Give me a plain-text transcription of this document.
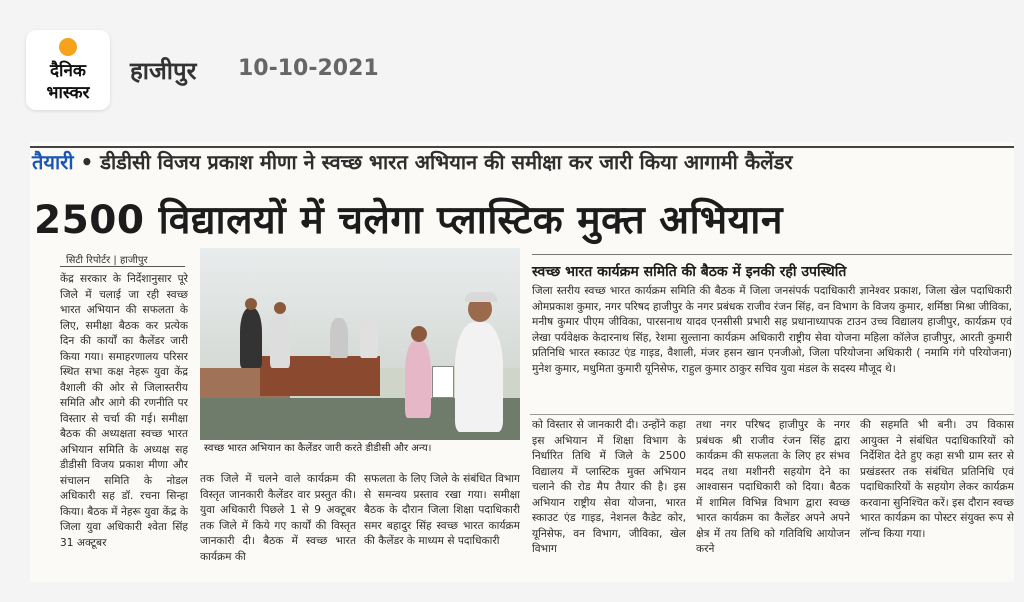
दैनिक
भास्कर
हाजीपुर 10-10-2021
तैयारी • डीडीसी विजय प्रकाश मीणा ने स्वच्छ भारत अभियान की समीक्षा कर जारी किया आगामी कैलेंडर
2500 विद्यालयों में चलेगा प्लास्टिक मुक्त अभियान
सिटी रिपोर्टर | हाजीपुर
केंद्र सरकार के निर्देशानुसार पूरे जिले में चलाई जा रही स्वच्छ भारत अभियान की सफलता के लिए, समीक्षा बैठक कर प्रत्येक दिन की कार्यों का कैलेंडर जारी किया गया। समाहरणालय परिसर स्थित सभा कक्ष नेहरू युवा केंद्र वैशाली की ओर से जिलास्तरीय समिति और आगे की रणनीति पर विस्तार से चर्चा की गई। समीक्षा बैठक की अध्यक्षता स्वच्छ भारत अभियान समिति के अध्यक्ष सह डीडीसी विजय प्रकाश मीणा और संचालन समिति के नोडल अधिकारी सह डॉ. रचना सिन्हा किया। बैठक में नेहरू युवा केंद्र के जिला युवा अधिकारी श्वेता सिंह 31 अक्टूबर
स्वच्छ भारत अभियान का कैलेंडर जारी करते डीडीसी और अन्य।
तक जिले में चलने वाले कार्यक्रम की विस्तृत जानकारी कैलेंडर वार प्रस्तुत की। युवा अधिकारी पिछले 1 से 9 अक्टूबर तक जिले में किये गए कार्यों की विस्तृत जानकारी दी। बैठक में स्वच्छ भारत कार्यक्रम की
सफलता के लिए जिले के संबंधित विभाग से समन्वय प्रस्ताव रखा गया। समीक्षा बैठक के दौरान जिला शिक्षा पदाधिकारी समर बहादुर सिंह स्वच्छ भारत कार्यक्रम की कैलेंडर के माध्यम से पदाधिकारी
स्वच्छ भारत कार्यक्रम समिति की बैठक में इनकी रही उपस्थिति
जिला स्तरीय स्वच्छ भारत कार्यक्रम समिति की बैठक में जिला जनसंपर्क पदाधिकारी ज्ञानेश्वर प्रकाश, जिला खेल पदाधिकारी ओमप्रकाश कुमार, नगर परिषद हाजीपुर के नगर प्रबंधक राजीव रंजन सिंह, वन विभाग के विजय कुमार, शर्मिष्ठा मिश्रा जीविका, मनीष कुमार पीएम जीविका, पारसनाथ यादव एनसीसी प्रभारी सह प्रधानाध्यापक टाउन उच्च विद्यालय हाजीपुर, कार्यक्रम एवं लेखा पर्यवेक्षक केदारनाथ सिंह, रेशमा सुल्ताना कार्यक्रम अधिकारी राष्ट्रीय सेवा योजना महिला कॉलेज हाजीपुर, आरती कुमारी प्रतिनिधि भारत स्काउट एंड गाइड, वैशाली, मंजर हसन खान एनजीओ, जिला परियोजना अधिकारी ( नमामि गंगे परियोजना) मुनेश कुमार, मधुमिता कुमारी यूनिसेफ, राहुल कुमार ठाकुर सचिव युवा मंडल के सदस्य मौजूद थे।
को विस्तार से जानकारी दी। उन्होंने कहा इस अभियान में शिक्षा विभाग के निर्धारित तिथि में जिले के 2500 विद्यालय में प्लास्टिक मुक्त अभियान चलाने की रोड मैप तैयार की है। इस अभियान राष्ट्रीय सेवा योजना, भारत स्काउट एंड गाइड, नेशनल कैडेट कोर, यूनिसेफ, वन विभाग, जीविका, खेल विभाग
तथा नगर परिषद हाजीपुर के नगर प्रबंधक श्री राजीव रंजन सिंह द्वारा कार्यक्रम की सफलता के लिए हर संभव मदद तथा मशीनरी सहयोग देने का आश्वासन पदाधिकारी को दिया। बैठक में शामिल विभिन्न विभाग द्वारा स्वच्छ भारत कार्यक्रम का कैलेंडर अपने अपने क्षेत्र में तय तिथि को गतिविधि आयोजन करने
की सहमति भी बनी। उप विकास आयुक्त ने संबंधित पदाधिकारियों को निर्देशित देते हुए कहा सभी ग्राम स्तर से प्रखंडस्तर तक संबंधित प्रतिनिधि एवं पदाधिकारियों के सहयोग लेकर कार्यक्रम करवाना सुनिश्चित करें। इस दौरान स्वच्छ भारत कार्यक्रम का पोस्टर संयुक्त रूप से लॉन्च किया गया।
